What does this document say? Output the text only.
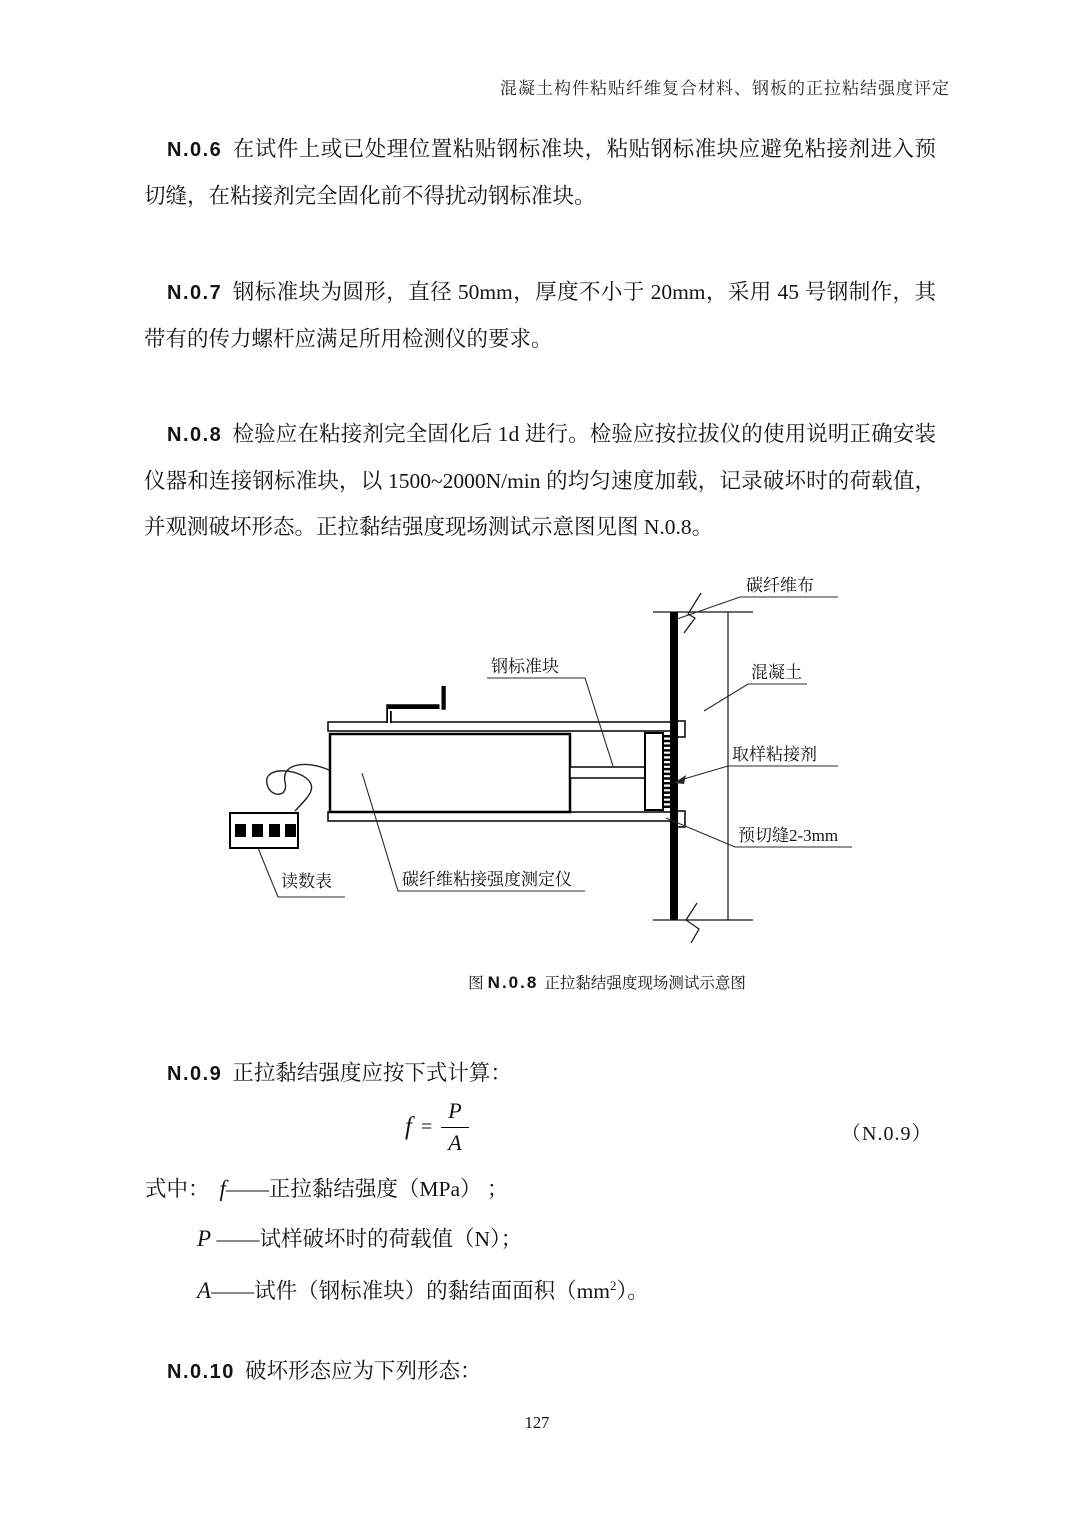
混凝土构件粘贴纤维复合材料、钢板的正拉粘结强度评定
N.0.6 在试件上或已处理位置粘贴钢标准块，粘贴钢标准块应避免粘接剂进入预切缝，在粘接剂完全固化前不得扰动钢标准块。
N.0.7 钢标准块为圆形，直径 50mm，厚度不小于 20mm，采用 45 号钢制作，其带有的传力螺杆应满足所用检测仪的要求。
N.0.8 检验应在粘接剂完全固化后 1d 进行。检验应按拉拔仪的使用说明正确安装仪器和连接钢标准块，以 1500~2000N/min 的均匀速度加载，记录破坏时的荷载值，并观测破坏形态。正拉黏结强度现场测试示意图见图 N.0.8。
碳纤维布
混凝土
取样粘接剂
预切缝2-3mm
钢标准块
碳纤维粘接强度测定仪
读数表
图 N.0.8 正拉黏结强度现场测试示意图
N.0.9 正拉黏结强度应按下式计算：
$f = \frac{P}{A}$	（N.0.9）
式中： f——正拉黏结强度（MPa） ；
P ——试样破坏时的荷载值（N）；
A——试件（钢标准块）的黏结面面积$(mm^2)$。
N.0.10 破坏形态应为下列形态：
127
